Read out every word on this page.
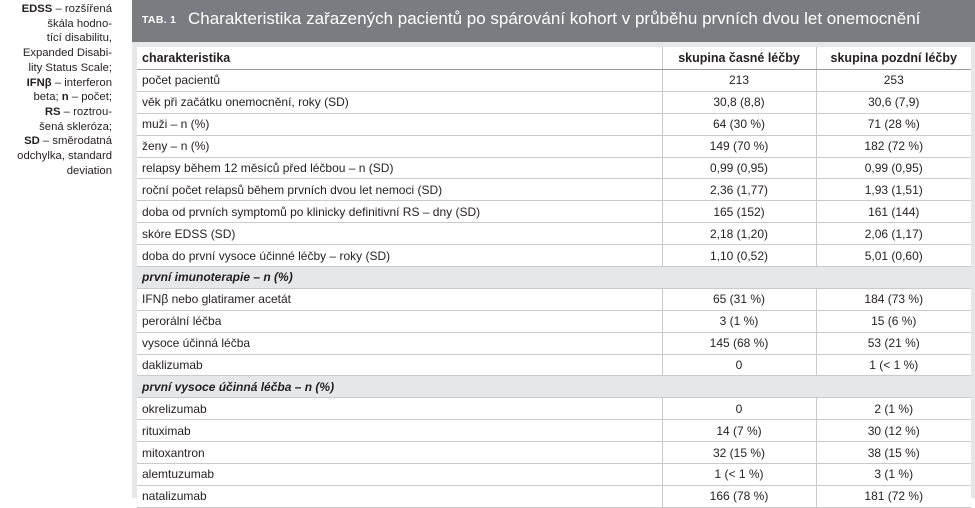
EDSS – rozšířená
škála hodno-
tící disabilitu,
Expanded Disabi-
lity Status Scale;
IFNβ – interferon
beta; n – počet;
RS – roztrou-
šená skleróza;
SD – směrodatná
odchylka, standard
deviation
TAB. 1 Charakteristika zařazených pacientů po spárování kohort v průběhu prvních dvou let onemocnění
charakteristika	skupina časné léčby	skupina pozdní léčby
počet pacientů	213	253
věk při začátku onemocnění, roky (SD)	30,8 (8,8)	30,6 (7,9)
muži – n (%)	64 (30 %)	71 (28 %)
ženy – n (%)	149 (70 %)	182 (72 %)
relapsy během 12 měsíců před léčbou – n (SD)	0,99 (0,95)	0,99 (0,95)
roční počet relapsů během prvních dvou let nemoci (SD)	2,36 (1,77)	1,93 (1,51)
doba od prvních symptomů po klinicky definitivní RS – dny (SD)	165 (152)	161 (144)
skóre EDSS (SD)	2,18 (1,20)	2,06 (1,17)
doba do první vysoce účinné léčby – roky (SD)	1,10 (0,52)	5,01 (0,60)
první imunoterapie – n (%)		
IFNβ nebo glatiramer acetát	65 (31 %)	184 (73 %)
perorální léčba	3 (1 %)	15 (6 %)
vysoce účinná léčba	145 (68 %)	53 (21 %)
daklizumab	0	1 (< 1 %)
první vysoce účinná léčba – n (%)		
okrelizumab	0	2 (1 %)
rituximab	14 (7 %)	30 (12 %)
mitoxantron	32 (15 %)	38 (15 %)
alemtuzumab	1 (< 1 %)	3 (1 %)
natalizumab	166 (78 %)	181 (72 %)
